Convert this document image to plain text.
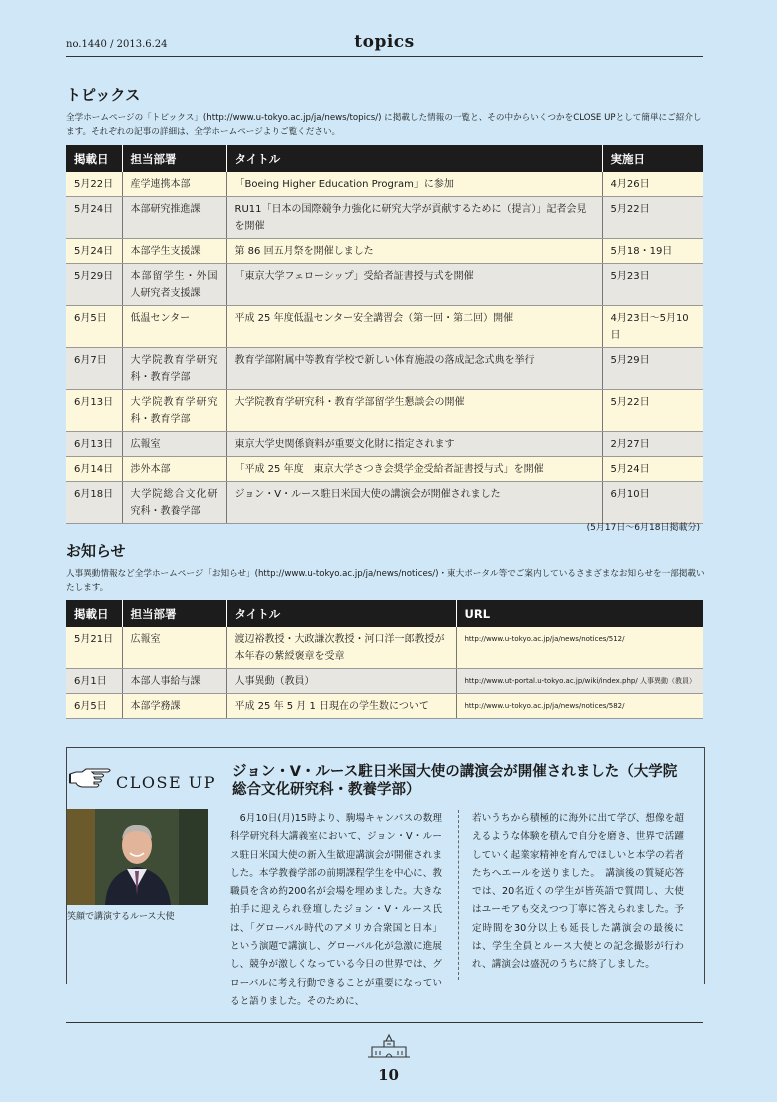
no.1440 / 2013.6.24	topics
トピックス
全学ホームページの「トピックス」(http://www.u-tokyo.ac.jp/ja/news/topics/) に掲載した情報の一覧と、その中からいくつかをCLOSE UPとして簡単にご紹介します。それぞれの記事の詳細は、全学ホームページよりご覧ください。
掲載日	担当部署	タイトル	実施日
5月22日	産学連携本部	「Boeing Higher Education Program」に参加	4月26日
5月24日	本部研究推進課	RU11「日本の国際競争力強化に研究大学が貢献するために（提言）」記者会見を開催	5月22日
5月24日	本部学生支援課	第 86 回五月祭を開催しました	5月18・19日
5月29日	本部留学生・外国人研究者支援課	「東京大学フェローシップ」受給者証書授与式を開催	5月23日
6月5日	低温センター	平成 25 年度低温センター安全講習会（第一回・第二回）開催	4月23日～5月10日
6月7日	大学院教育学研究科・教育学部	教育学部附属中等教育学校で新しい体育施設の落成記念式典を挙行	5月29日
6月13日	大学院教育学研究科・教育学部	大学院教育学研究科・教育学部留学生懇談会の開催	5月22日
6月13日	広報室	東京大学史関係資料が重要文化財に指定されます	2月27日
6月14日	渉外本部	「平成 25 年度　東京大学さつき会奨学金受給者証書授与式」を開催	5月24日
6月18日	大学院総合文化研究科・教養学部	ジョン・V・ルース駐日米国大使の講演会が開催されました	6月10日
(5月17日～6月18日掲載分)
お知らせ
人事異動情報など全学ホームページ「お知らせ」(http://www.u-tokyo.ac.jp/ja/news/notices/)・東大ポータル等でご案内しているさまざまなお知らせを一部掲載いたします。
掲載日	担当部署	タイトル	URL
5月21日	広報室	渡辺裕教授・大政謙次教授・河口洋一郎教授が本年春の紫綬褒章を受章	http://www.u-tokyo.ac.jp/ja/news/notices/512/
6月1日	本部人事給与課	人事異動（教員）	http://www.ut-portal.u-tokyo.ac.jp/wiki/index.php/ 人事異動（教員）
6月5日	本部学務課	平成 25 年 5 月 1 日現在の学生数について	http://www.u-tokyo.ac.jp/ja/news/notices/582/
CLOSE UP
ジョン・V・ルース駐日米国大使の講演会が開催されました（大学院総合文化研究科・教養学部）
笑顔で講演するルース大使
 6月10日(月)15時より、駒場キャンパスの数理科学研究科大講義室において、ジョン・V・ルース駐日米国大使の新入生歓迎講演会が開催されました。本学教養学部の前期課程学生を中心に、教職員を含め約200名が会場を埋めました。大きな拍手に迎えられ登壇したジョン・V・ルース氏は、「グローバル時代のアメリカ合衆国と日本」という演題で講演し、グローバル化が急激に進展し、競争が激しくなっている今日の世界では、グローバルに考え行動できることが重要になっていると語りました。そのために、
若いうちから積極的に海外に出て学び、想像を超えるような体験を積んで自分を磨き、世界で活躍していく起業家精神を育んでほしいと本学の若者たちへエールを送りました。　講演後の質疑応答では、20名近くの学生が皆英語で質問し、大使はユーモアも交えつつ丁寧に答えられました。予定時間を30分以上も延長した講演会の最後には、学生全員とルース大使との記念撮影が行われ、講演会は盛況のうちに終了しました。
10
